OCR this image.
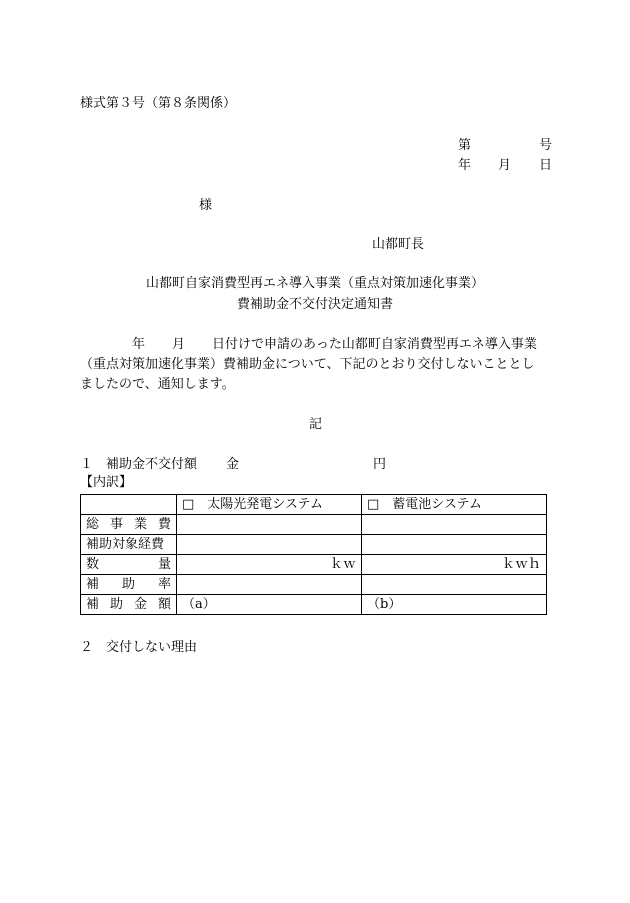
様式第３号（第８条関係）
第	号
年 月 日
様
山都町長
山都町自家消費型再エネ導入事業（重点対策加速化事業）
費補助金不交付決定通知書
年 月 日付けで申請のあった山都町自家消費型再エネ導入事業
（重点対策加速化事業）費補助金について、下記のとおり交付しないこととし
ましたので、通知します。
記
１ 補助金不交付額 金	円
【内訳】
	□　太陽光発電システム	□　蓄電池システム

総 事 業 費		

補助対象経費		

数 量	ｋｗ	ｋｗｈ

補 助 率		

補 助 金 額	（a）	（b）
２ 交付しない理由
